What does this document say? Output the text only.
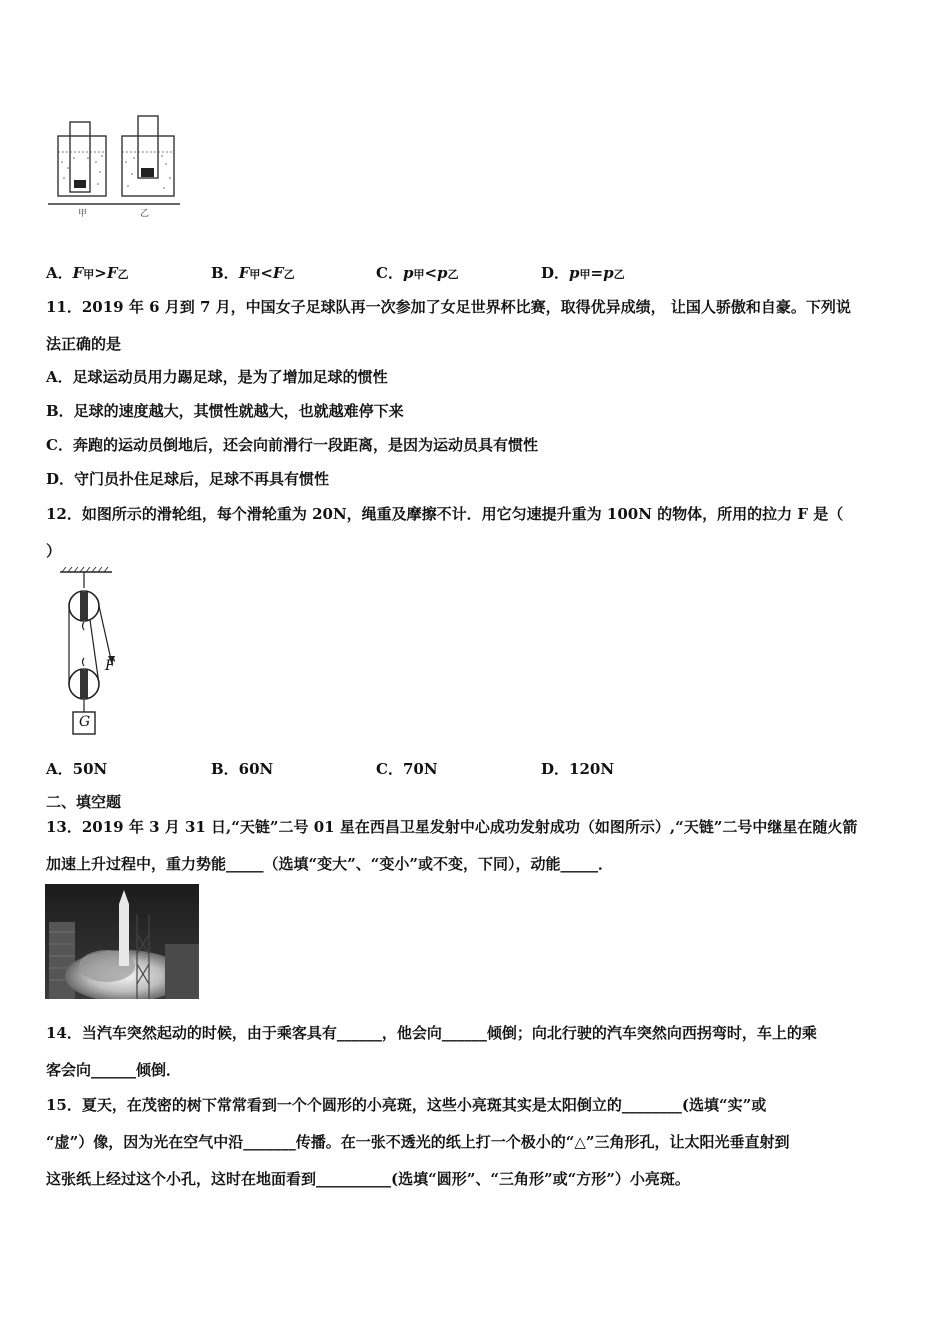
甲	乙
A．F甲>F乙	B．F甲<F乙	C．p甲<p乙	D．p甲=p乙
11．2019 年 6 月到 7 月，中国女子足球队再一次参加了女足世界杯比赛，取得优异成绩， 让国人骄傲和自豪。下列说
法正确的是
A．足球运动员用力踢足球，是为了增加足球的惯性
B．足球的速度越大，其惯性就越大，也就越难停下来
C．奔跑的运动员倒地后，还会向前滑行一段距离，是因为运动员具有惯性
D．守门员扑住足球后，足球不再具有惯性
12．如图所示的滑轮组，每个滑轮重为 20N，绳重及摩擦不计．用它匀速提升重为 100N 的物体，所用的拉力 F 是（
）
F
G
A．50N	B．60N	C．70N	D．120N
二、填空题
13．2019 年 3 月 31 日,“天链”二号 01 星在西昌卫星发射中心成功发射成功（如图所示）,“天链”二号中继星在随火箭
加速上升过程中，重力势能_____（选填“变大”、“变小”或不变，下同），动能_____．
14．当汽车突然起动的时候，由于乘客具有______，他会向______倾倒；向北行驶的汽车突然向西拐弯时，车上的乘
客会向______倾倒．
15．夏天，在茂密的树下常常看到一个个圆形的小亮斑，这些小亮斑其实是太阳倒立的________(选填“实”或
“虚”）像，因为光在空气中沿_______传播。在一张不透光的纸上打一个极小的“△”三角形孔，让太阳光垂直射到
这张纸上经过这个小孔，这时在地面看到__________(选填“圆形”、“三角形”或“方形”）小亮斑。
